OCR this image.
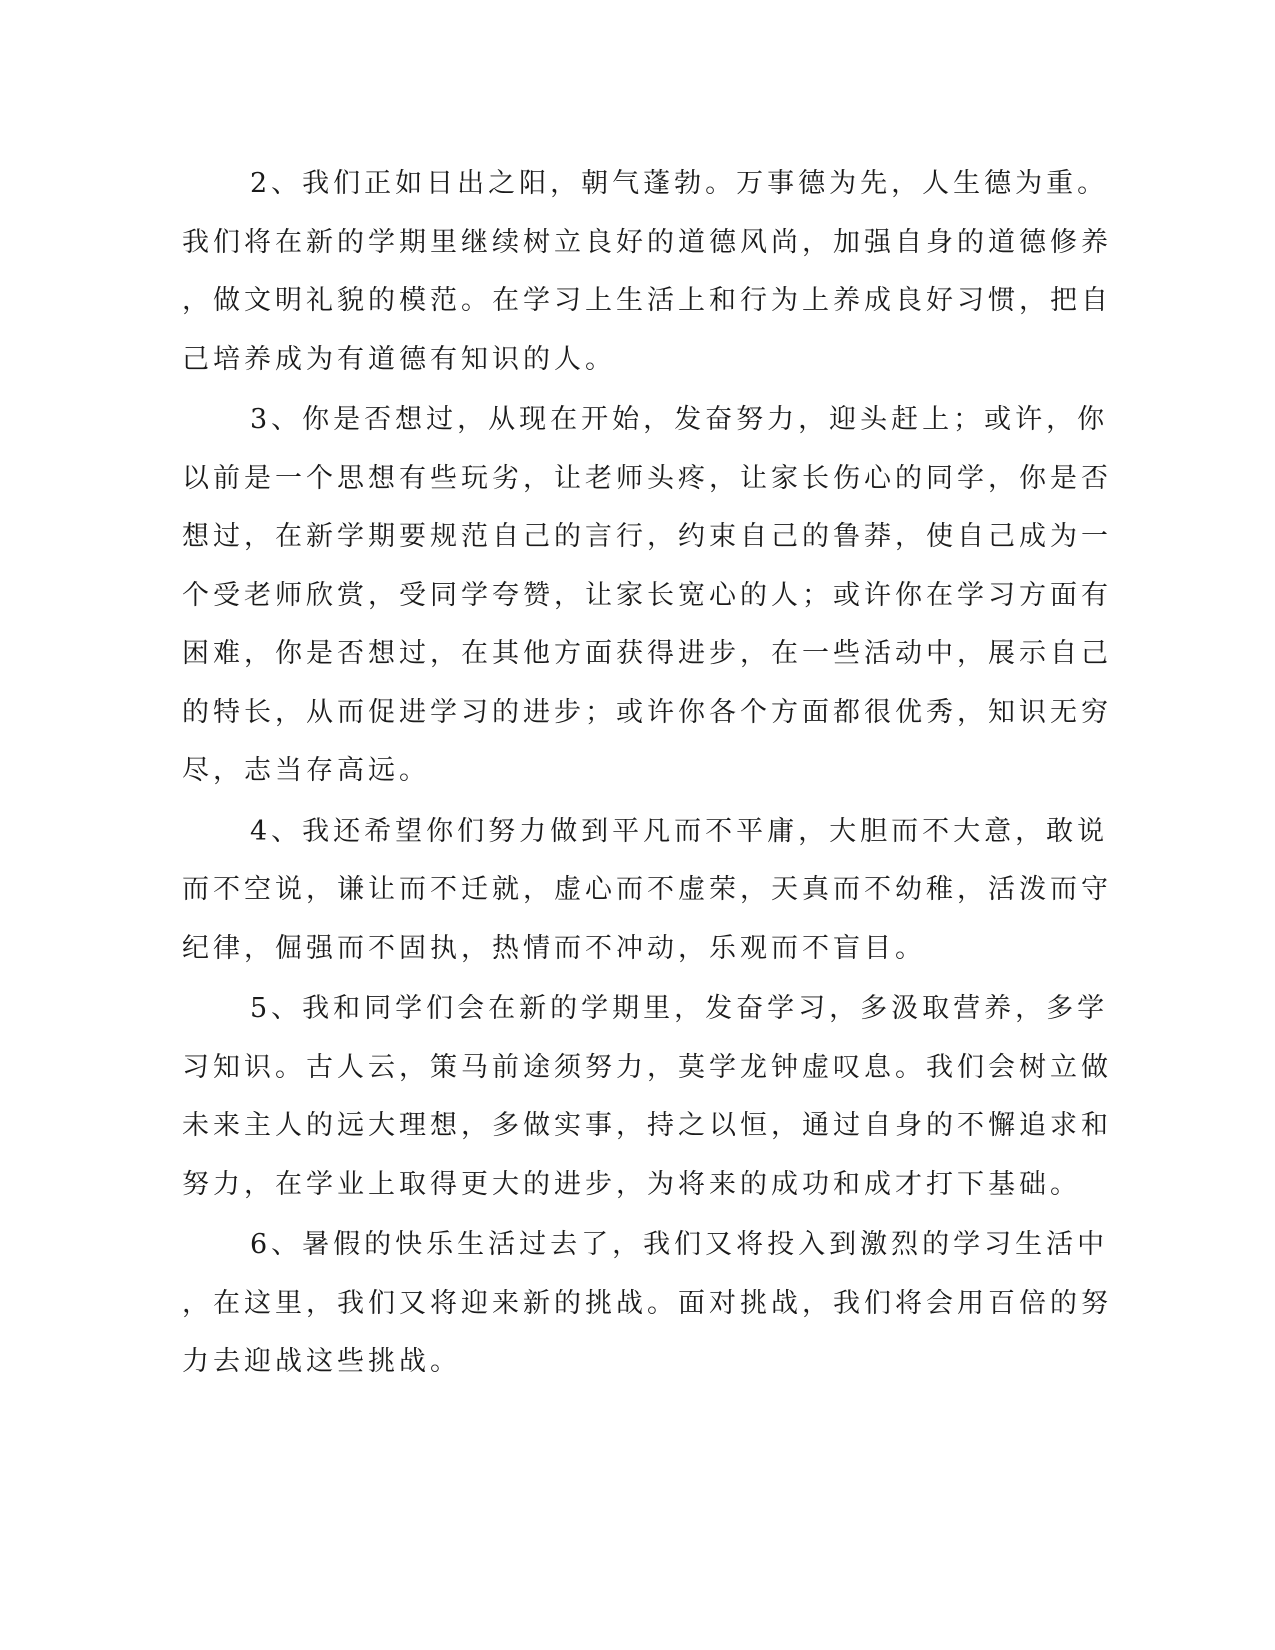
2、我们正如日出之阳，朝气蓬勃。万事德为先，人生德为重。
我们将在新的学期里继续树立良好的道德风尚，加强自身的道德修养
，做文明礼貌的模范。在学习上生活上和行为上养成良好习惯，把自
己培养成为有道德有知识的人。
3、你是否想过，从现在开始，发奋努力，迎头赶上；或许，你
以前是一个思想有些玩劣，让老师头疼，让家长伤心的同学，你是否
想过，在新学期要规范自己的言行，约束自己的鲁莽，使自己成为一
个受老师欣赏，受同学夸赞，让家长宽心的人；或许你在学习方面有
困难，你是否想过，在其他方面获得进步，在一些活动中，展示自己
的特长，从而促进学习的进步；或许你各个方面都很优秀，知识无穷
尽，志当存高远。
4、我还希望你们努力做到平凡而不平庸，大胆而不大意，敢说
而不空说，谦让而不迁就，虚心而不虚荣，天真而不幼稚，活泼而守
纪律，倔强而不固执，热情而不冲动，乐观而不盲目。
5、我和同学们会在新的学期里，发奋学习，多汲取营养，多学
习知识。古人云，策马前途须努力，莫学龙钟虚叹息。我们会树立做
未来主人的远大理想，多做实事，持之以恒，通过自身的不懈追求和
努力，在学业上取得更大的进步，为将来的成功和成才打下基础。
6、暑假的快乐生活过去了，我们又将投入到激烈的学习生活中
，在这里，我们又将迎来新的挑战。面对挑战，我们将会用百倍的努
力去迎战这些挑战。
